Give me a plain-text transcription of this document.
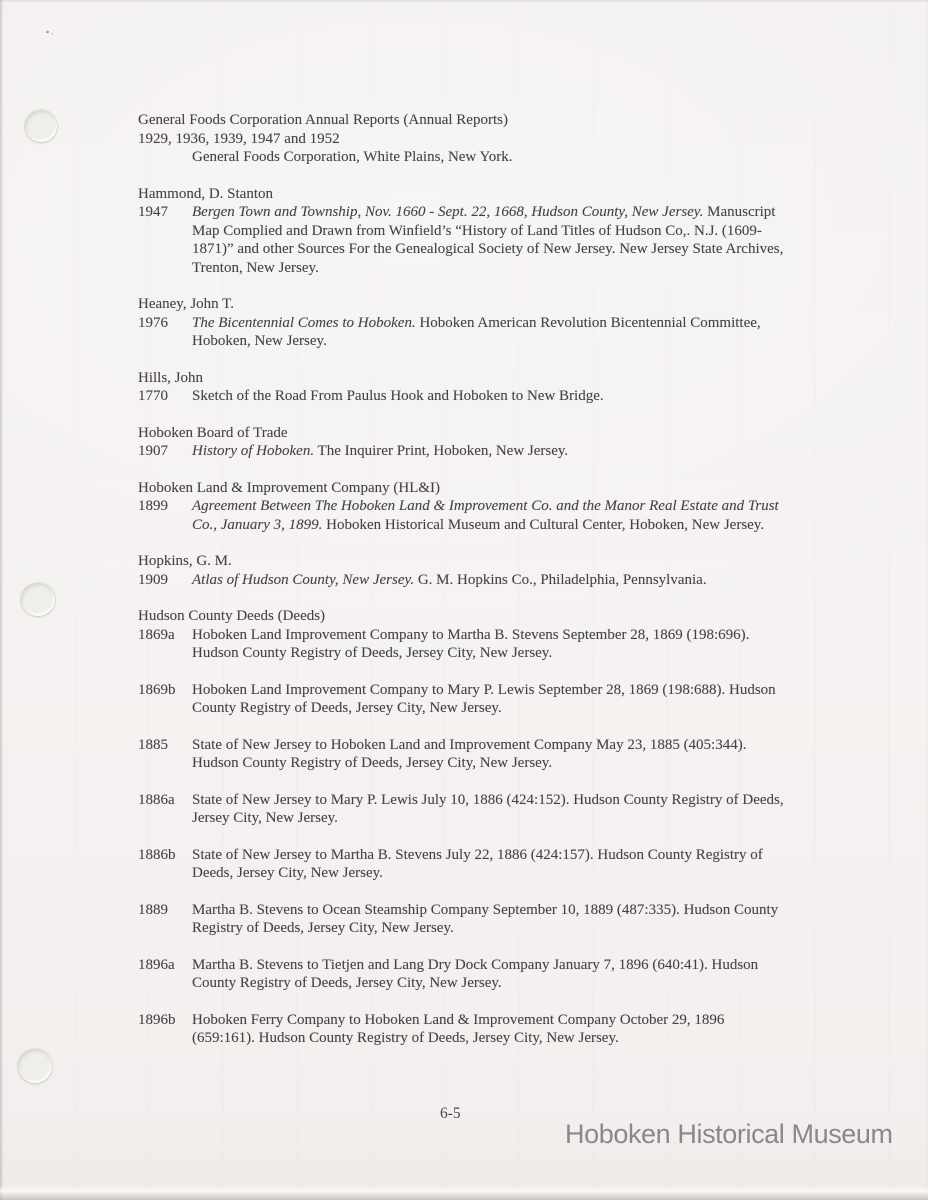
General Foods Corporation Annual Reports (Annual Reports)
1929, 1936, 1939, 1947 and 1952
General Foods Corporation, White Plains, New York.
Hammond, D. Stanton
1947	Bergen Town and Township, Nov. 1660 - Sept. 22, 1668, Hudson County, New Jersey. Manuscript Map Complied and Drawn from Winfield’s “History of Land Titles of Hudson Co,. N.J. (1609-1871)” and other Sources For the Genealogical Society of New Jersey. New Jersey State Archives, Trenton, New Jersey.
Heaney, John T.
1976	The Bicentennial Comes to Hoboken. Hoboken American Revolution Bicentennial Committee, Hoboken, New Jersey.
Hills, John
1770	Sketch of the Road From Paulus Hook and Hoboken to New Bridge.
Hoboken Board of Trade
1907	History of Hoboken. The Inquirer Print, Hoboken, New Jersey.
Hoboken Land & Improvement Company (HL&I)
1899	Agreement Between The Hoboken Land & Improvement Co. and the Manor Real Estate and Trust Co., January 3, 1899. Hoboken Historical Museum and Cultural Center, Hoboken, New Jersey.
Hopkins, G. M.
1909	Atlas of Hudson County, New Jersey. G. M. Hopkins Co., Philadelphia, Pennsylvania.
Hudson County Deeds (Deeds)
1869a	Hoboken Land Improvement Company to Martha B. Stevens September 28, 1869 (198:696). Hudson County Registry of Deeds, Jersey City, New Jersey.
1869b	Hoboken Land Improvement Company to Mary P. Lewis September 28, 1869 (198:688). Hudson County Registry of Deeds, Jersey City, New Jersey.
1885	State of New Jersey to Hoboken Land and Improvement Company May 23, 1885 (405:344). Hudson County Registry of Deeds, Jersey City, New Jersey.
1886a	State of New Jersey to Mary P. Lewis July 10, 1886 (424:152). Hudson County Registry of Deeds, Jersey City, New Jersey.
1886b	State of New Jersey to Martha B. Stevens July 22, 1886 (424:157). Hudson County Registry of Deeds, Jersey City, New Jersey.
1889	Martha B. Stevens to Ocean Steamship Company September 10, 1889 (487:335). Hudson County Registry of Deeds, Jersey City, New Jersey.
1896a	Martha B. Stevens to Tietjen and Lang Dry Dock Company January 7, 1896 (640:41). Hudson County Registry of Deeds, Jersey City, New Jersey.
1896b	Hoboken Ferry Company to Hoboken Land & Improvement Company October 29, 1896 (659:161). Hudson County Registry of Deeds, Jersey City, New Jersey.
6-5
Hoboken Historical Museum
